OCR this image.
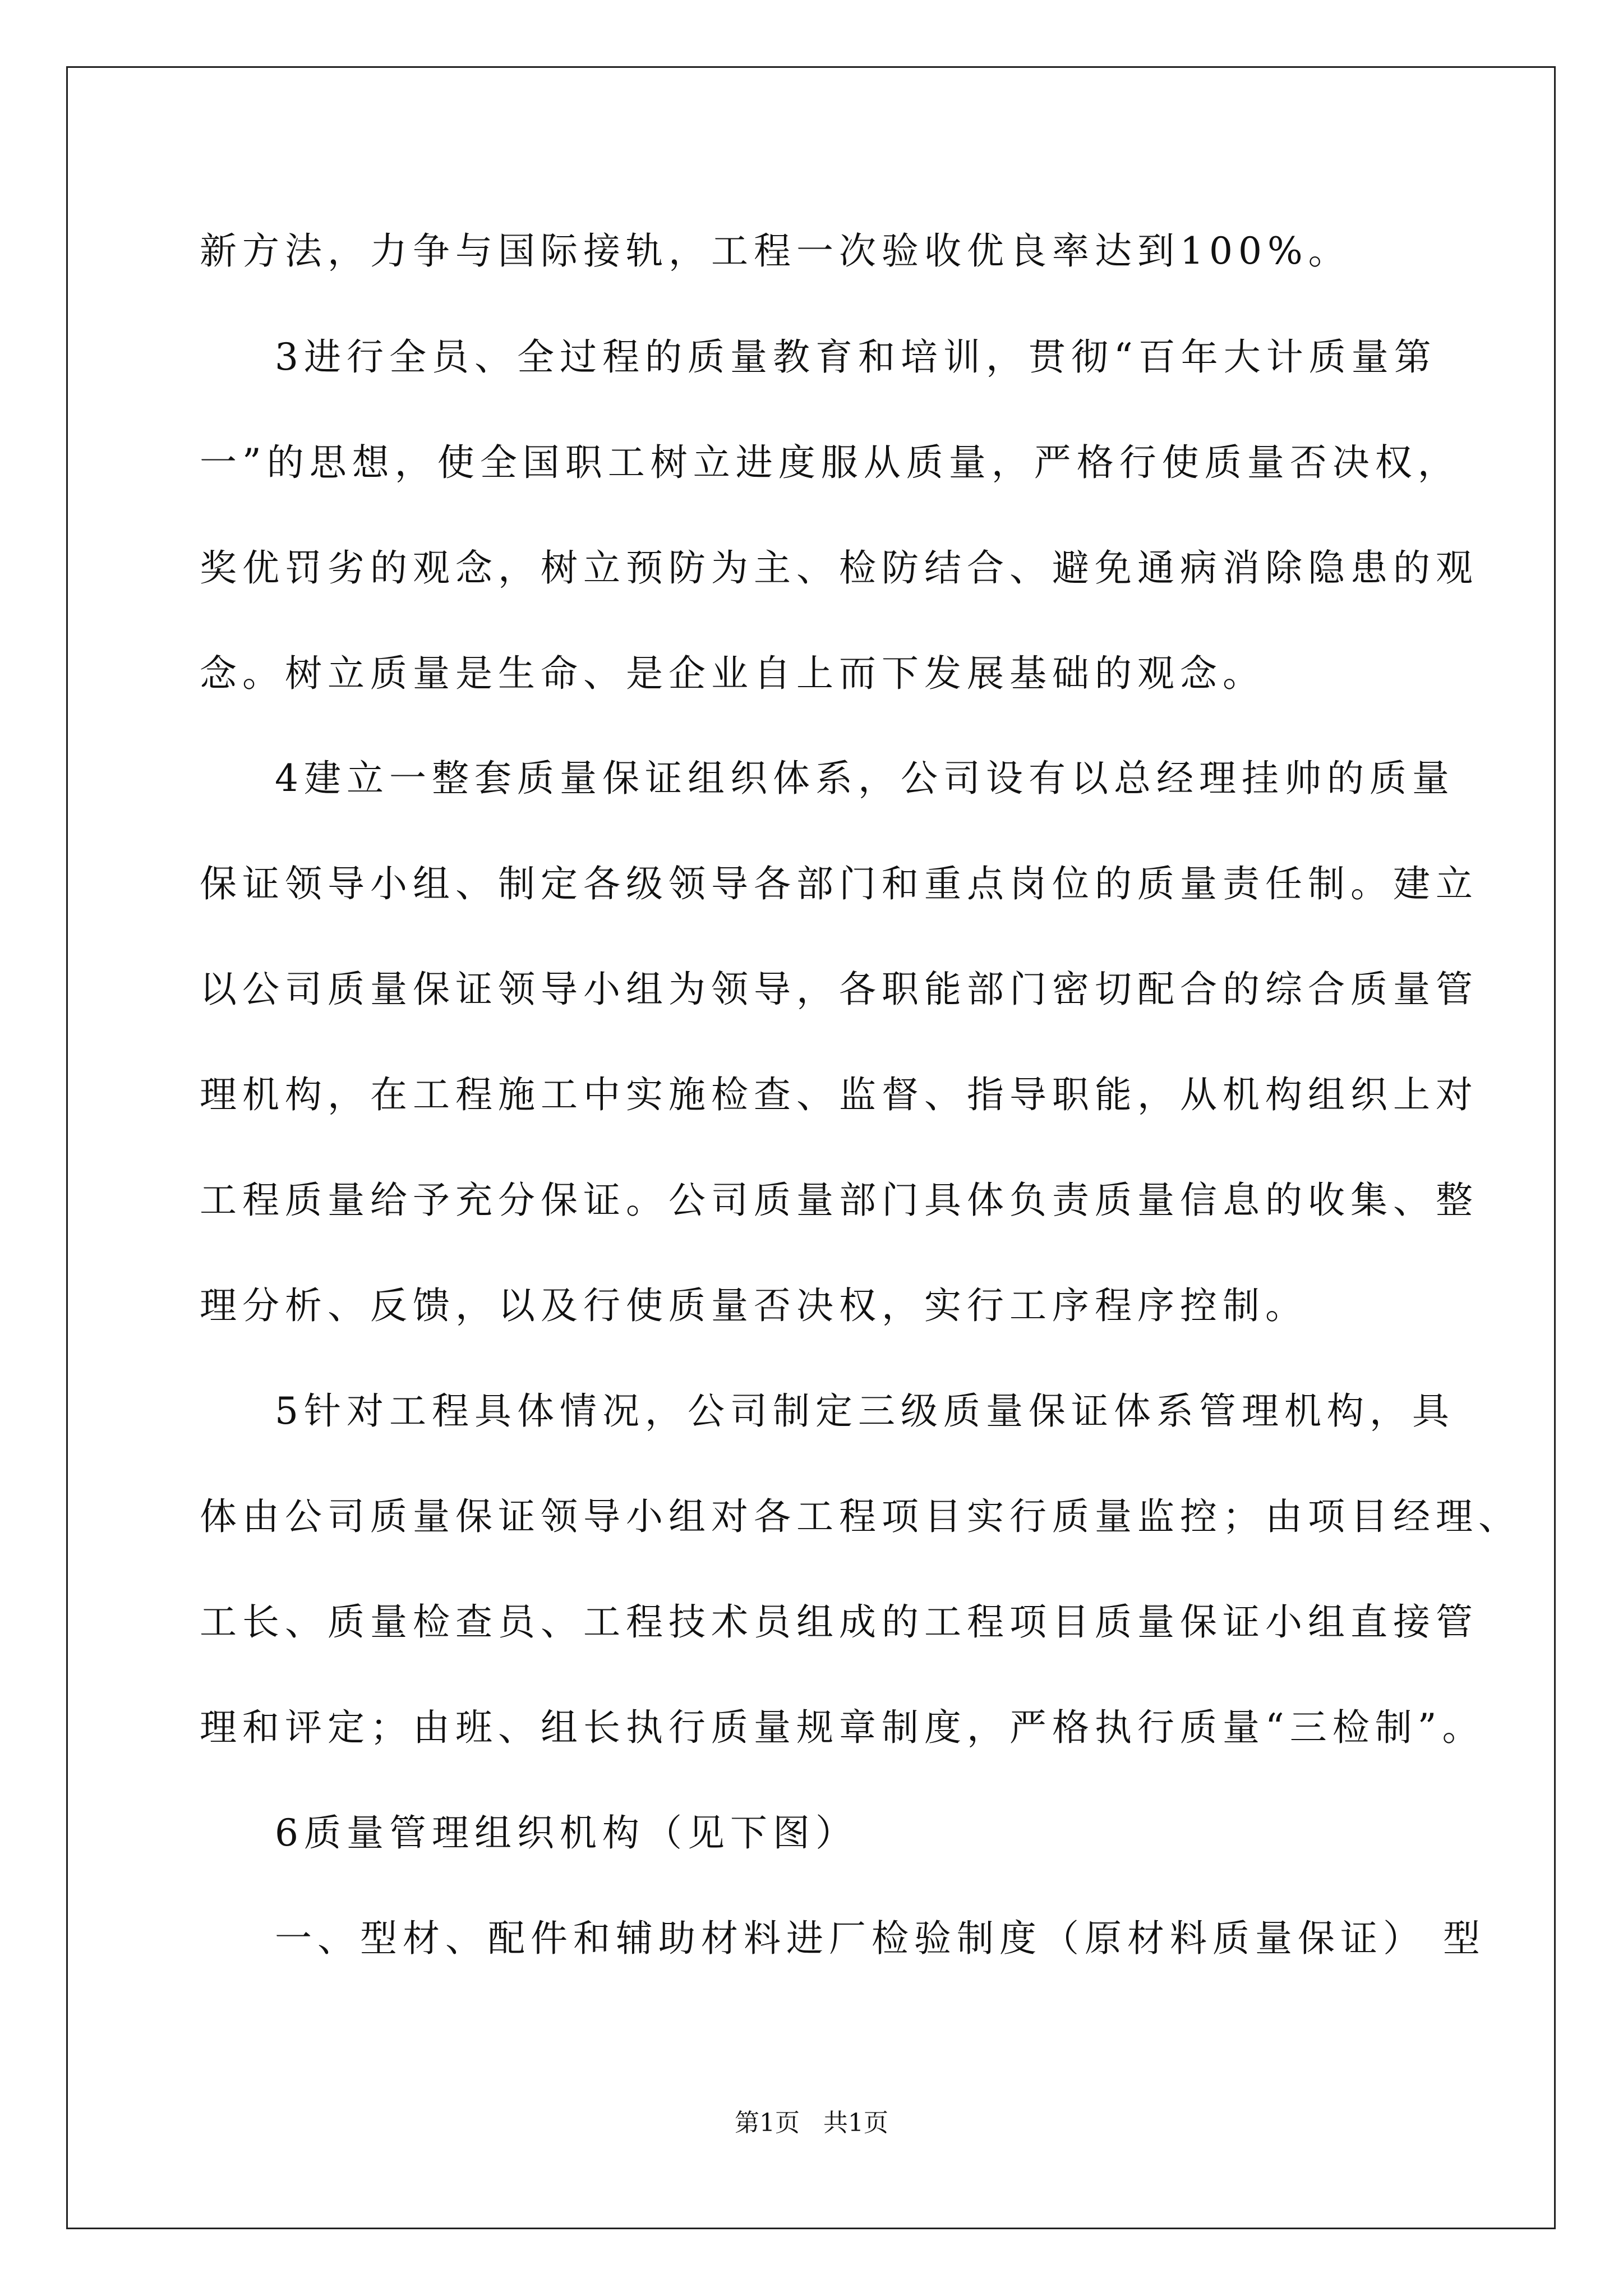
新方法，力争与国际接轨，工程一次验收优良率达到100%。
3进行全员、全过程的质量教育和培训，贯彻“百年大计质量第
一”的思想，使全国职工树立进度服从质量，严格行使质量否决权，
奖优罚劣的观念，树立预防为主、检防结合、避免通病消除隐患的观
念。树立质量是生命、是企业自上而下发展基础的观念。
4建立一整套质量保证组织体系，公司设有以总经理挂帅的质量
保证领导小组、制定各级领导各部门和重点岗位的质量责任制。建立
以公司质量保证领导小组为领导，各职能部门密切配合的综合质量管
理机构，在工程施工中实施检查、监督、指导职能，从机构组织上对
工程质量给予充分保证。公司质量部门具体负责质量信息的收集、整
理分析、反馈，以及行使质量否决权，实行工序程序控制。
5针对工程具体情况，公司制定三级质量保证体系管理机构，具
体由公司质量保证领导小组对各工程项目实行质量监控；由项目经理、
工长、质量检查员、工程技术员组成的工程项目质量保证小组直接管
理和评定；由班、组长执行质量规章制度，严格执行质量“三检制”。
6质量管理组织机构（见下图）
一、型材、配件和辅助材料进厂检验制度（原材料质量保证） 型
第1页   共1页
